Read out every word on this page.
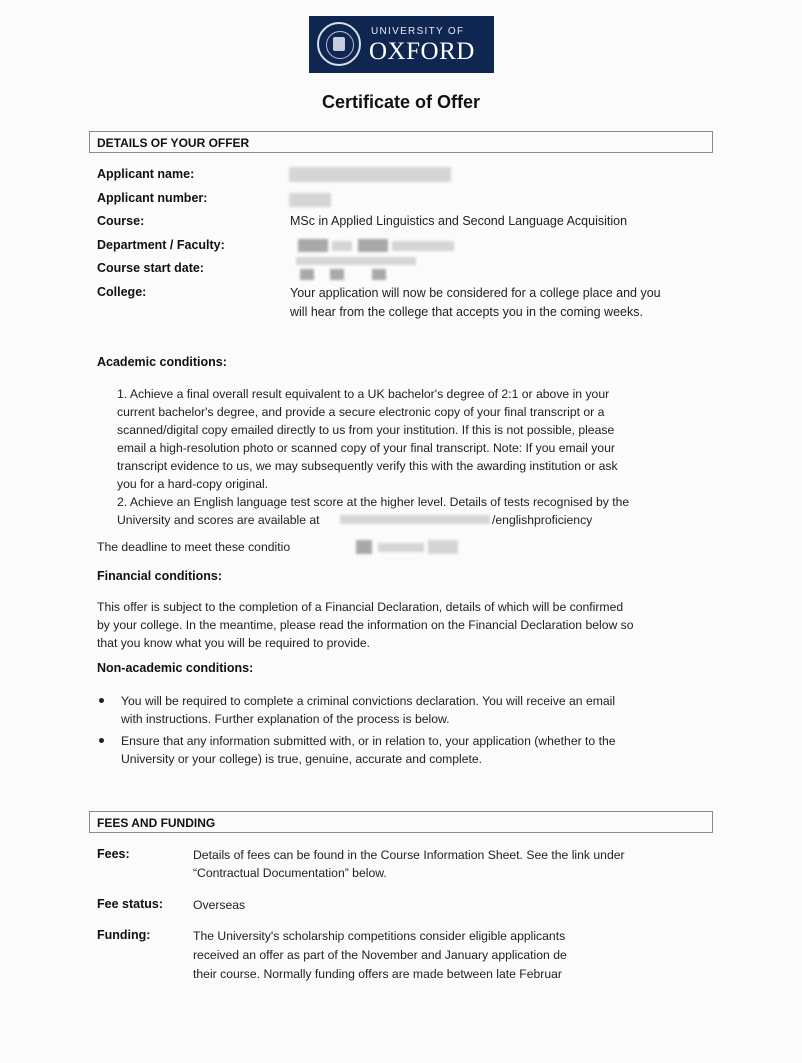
UNIVERSITY OF
OXFORD
Certificate of Offer
DETAILS OF YOUR OFFER
Applicant name:
Applicant number:
Course:	MSc in Applied Linguistics and Second Language Acquisition
Department / Faculty:
Course start date:
College:	Your application will now be considered for a college place and you
will hear from the college that accepts you in the coming weeks.
Academic conditions:
1. Achieve a final overall result equivalent to a UK bachelor's degree of 2:1 or above in your
current bachelor's degree, and provide a secure electronic copy of your final transcript or a
scanned/digital copy emailed directly to us from your institution. If this is not possible, please
email a high-resolution photo or scanned copy of your final transcript. Note: If you email your
transcript evidence to us, we may subsequently verify this with the awarding institution or ask
you for a hard-copy original.
2. Achieve an English language test score at the higher level. Details of tests recognised by the
University and scores are available at	/englishproficiency
The deadline to meet these conditio
Financial conditions:
This offer is subject to the completion of a Financial Declaration, details of which will be confirmed
by your college. In the meantime, please read the information on the Financial Declaration below so
that you know what you will be required to provide.
Non-academic conditions:
You will be required to complete a criminal convictions declaration. You will receive an email
with instructions. Further explanation of the process is below.
Ensure that any information submitted with, or in relation to, your application (whether to the
University or your college) is true, genuine, accurate and complete.
FEES AND FUNDING
Fees:	Details of fees can be found in the Course Information Sheet. See the link under
“Contractual Documentation” below.
Fee status: Overseas
Funding:	The University's scholarship competitions consider eligible applicants
received an offer as part of the November and January application de
their course. Normally funding offers are made between late Februar
